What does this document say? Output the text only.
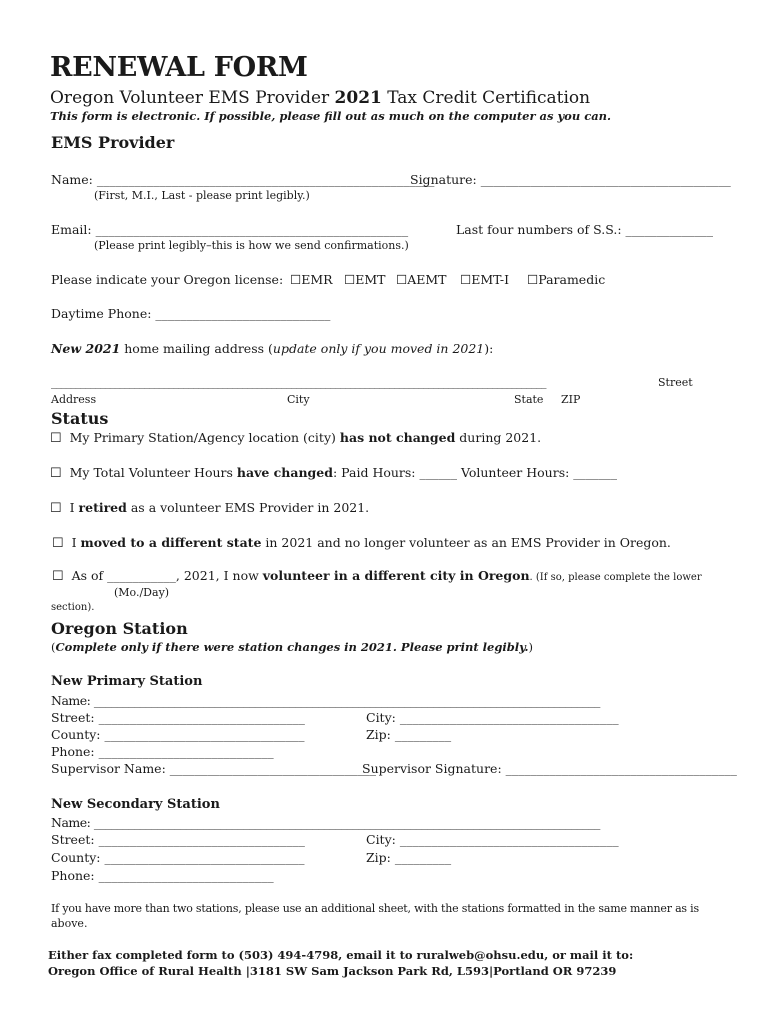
RENEWAL FORM
Oregon Volunteer EMS Provider 2021 Tax Credit Certification
This form is electronic. If possible, please fill out as much on the computer as you can.
EMS Provider
Name: ______________________________________________________
(First, M.I., Last - please print legibly.)
Signature: ________________________________________
Email: __________________________________________________
(Please print legibly–this is how we send confirmations.)
Last four numbers of S.S.: ______________
Please indicate your Oregon license: ☐EMR ☐EMT ☐AEMT ☐EMT-I ☐Paramedic
Daytime Phone: ____________________________
New 2021 home mailing address (update only if you moved in 2021):
_____________________________________________________________________________________________________	Street
Address	City	State ZIP
Status
☐ My Primary Station/Agency location (city) has not changed during 2021.
☐ My Total Volunteer Hours have changed: Paid Hours: ______ Volunteer Hours: _______
☐ I retired as a volunteer EMS Provider in 2021.
☐ I moved to a different state in 2021 and no longer volunteer as an EMS Provider in Oregon.
☐ As of ___________, 2021, I now volunteer in a different city in Oregon. (If so, please complete the lower
(Mo./Day)
section).
Oregon Station
(Complete only if there were station changes in 2021. Please print legibly.)
New Primary Station
Name: ________________________________________________________________________________________
Street: _________________________________	City: ___________________________________
County: ________________________________	Zip: _________
Phone: ____________________________
Supervisor Name: _________________________________
Supervisor Signature: _____________________________________
New Secondary Station
Name: ________________________________________________________________________________________
Street: _________________________________	City: ___________________________________
County: ________________________________	Zip: _________
Phone: ____________________________
If you have more than two stations, please use an additional sheet, with the stations formatted in the same manner as is
above.
Either fax completed form to (503) 494-4798, email it to ruralweb@ohsu.edu, or mail it to:
Oregon Office of Rural Health |3181 SW Sam Jackson Park Rd, L593|Portland OR 97239
